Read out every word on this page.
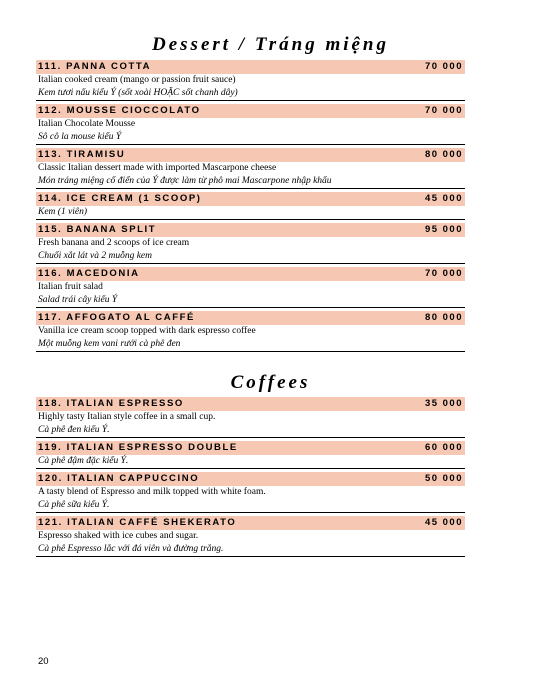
Dessert / Tráng miệng
111. PANNA COTTA	70 000
Italian cooked cream (mango or passion fruit sauce)
Kem tươi nấu kiểu Ý (sốt xoài HOẶC sốt chanh dây)
112. MOUSSE CIOCCOLATO	70 000
Italian Chocolate Mousse
Sô cô la mouse kiểu Ý
113. TIRAMISU	80 000
Classic Italian dessert made with imported Mascarpone cheese
Món tráng miệng cổ điển của Ý được làm từ phô mai Mascarpone nhập khẩu
114. ICE CREAM (1 SCOOP)	45 000
Kem (1 viên)
115. BANANA SPLIT	95 000
Fresh banana and 2 scoops of ice cream
Chuối xắt lát và 2 muỗng kem
116. MACEDONIA	70 000
Italian fruit salad
Salad trái cây kiểu Ý
117. AFFOGATO AL CAFFÉ	80 000
Vanilla ice cream scoop topped with dark espresso coffee
Một muỗng kem vani rưới cà phê đen
Coffees
118. ITALIAN ESPRESSO	35 000
Highly tasty Italian style coffee in a small cup.
Cà phê đen kiểu Ý.
119. ITALIAN ESPRESSO DOUBLE	60 000
Cà phê đậm đặc kiểu Ý.
120. ITALIAN CAPPUCCINO	50 000
A tasty blend of Espresso and milk topped with white foam.
Cà phê sữa kiểu Ý.
121. ITALIAN CAFFÉ SHEKERATO	45 000
Espresso shaked with ice cubes and sugar.
Cà phê Espresso lắc với đá viên và đường trắng.
20
